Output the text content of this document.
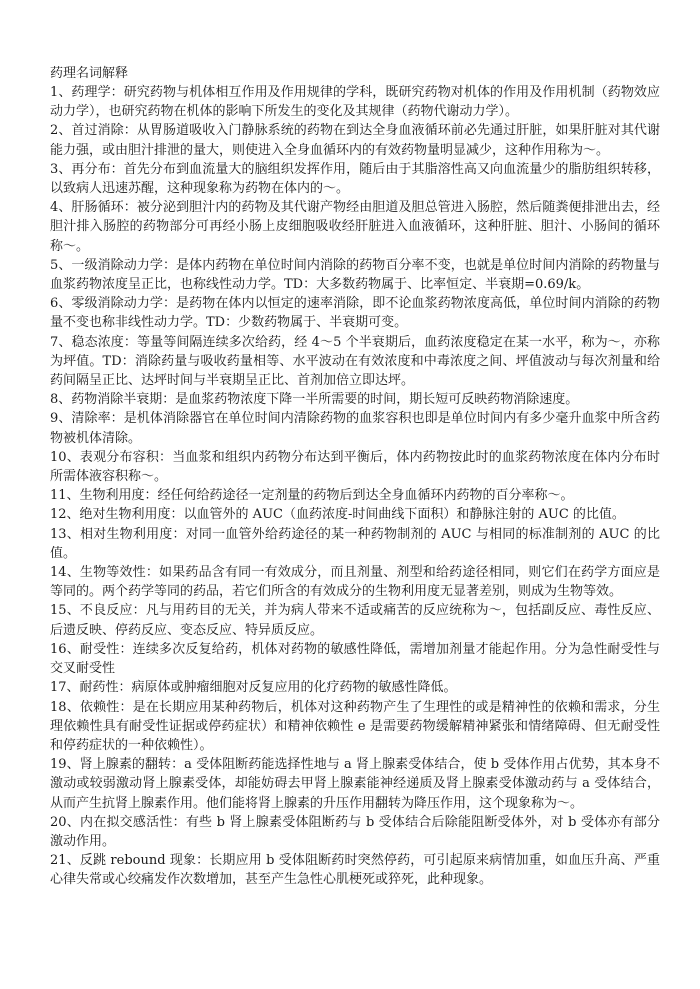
药理名词解释

1、药理学：研究药物与机体相互作用及作用规律的学科，既研究药物对机体的作用及作用机制（药物效应动力学），也研究药物在机体的影响下所发生的变化及其规律（药物代谢动力学）。

2、首过消除：从胃肠道吸收入门静脉系统的药物在到达全身血液循环前必先通过肝脏，如果肝脏对其代谢能力强，或由胆汁排泄的量大，则使进入全身血循环内的有效药物量明显减少，这种作用称为～。

3、再分布：首先分布到血流量大的脑组织发挥作用，随后由于其脂溶性高又向血流量少的脂肪组织转移，以致病人迅速苏醒，这种现象称为药物在体内的～。

4、肝肠循环：被分泌到胆汁内的药物及其代谢产物经由胆道及胆总管进入肠腔，然后随粪便排泄出去，经胆汁排入肠腔的药物部分可再经小肠上皮细胞吸收经肝脏进入血液循环，这种肝脏、胆汁、小肠间的循环称～。

5、一级消除动力学：是体内药物在单位时间内消除的药物百分率不变，也就是单位时间内消除的药物量与血浆药物浓度呈正比，也称线性动力学。TD：大多数药物属于、比率恒定、半衰期=0.69/k。

6、零级消除动力学：是药物在体内以恒定的速率消除，即不论血浆药物浓度高低，单位时间内消除的药物量不变也称非线性动力学。TD：少数药物属于、半衰期可变。

7、稳态浓度：等量等间隔连续多次给药，经 4～5 个半衰期后，血药浓度稳定在某一水平，称为～，亦称为坪值。TD：消除药量与吸收药量相等、水平波动在有效浓度和中毒浓度之间、坪值波动与每次剂量和给药间隔呈正比、达坪时间与半衰期呈正比、首剂加倍立即达坪。

8、药物消除半衰期：是血浆药物浓度下降一半所需要的时间，期长短可反映药物消除速度。

9、清除率：是机体消除器官在单位时间内清除药物的血浆容积也即是单位时间内有多少毫升血浆中所含药物被机体清除。

10、表观分布容积：当血浆和组织内药物分布达到平衡后，体内药物按此时的血浆药物浓度在体内分布时所需体液容积称～。

11、生物利用度：经任何给药途径一定剂量的药物后到达全身血循环内药物的百分率称～。

12、绝对生物利用度：以血管外的 AUC（血药浓度-时间曲线下面积）和静脉注射的 AUC 的比值。

13、相对生物利用度：对同一血管外给药途径的某一种药物制剂的 AUC 与相同的标准制剂的 AUC 的比值。

14、生物等效性：如果药品含有同一有效成分，而且剂量、剂型和给药途径相同，则它们在药学方面应是等同的。两个药学等同的药品，若它们所含的有效成分的生物利用度无显著差别，则成为生物等效。

15、不良反应：凡与用药目的无关，并为病人带来不适或痛苦的反应统称为～，包括副反应、毒性反应、后遗反映、停药反应、变态反应、特异质反应。

16、耐受性：连续多次反复给药，机体对药物的敏感性降低，需增加剂量才能起作用。分为急性耐受性与交叉耐受性

17、耐药性：病原体或肿瘤细胞对反复应用的化疗药物的敏感性降低。

18、依赖性：是在长期应用某种药物后，机体对这种药物产生了生理性的或是精神性的依赖和需求，分生理依赖性具有耐受性证据或停药症状）和精神依赖性 e 是需要药物缓解精神紧张和情绪障碍、但无耐受性和停药症状的一种依赖性）。

19、肾上腺素的翻转：a 受体阻断药能选择性地与 a 肾上腺素受体结合，使 b 受体作用占优势，其本身不激动或较弱激动肾上腺素受体，却能妨碍去甲肾上腺素能神经递质及肾上腺素受体激动药与 a 受体结合，从而产生抗肾上腺素作用。他们能将肾上腺素的升压作用翻转为降压作用，这个现象称为～。

20、内在拟交感活性：有些 b 肾上腺素受体阻断药与 b 受体结合后除能阻断受体外，对 b 受体亦有部分激动作用。

21、反跳 rebound 现象：长期应用 b 受体阻断药时突然停药，可引起原来病情加重，如血压升高、严重心律失常或心绞痛发作次数增加，甚至产生急性心肌梗死或猝死，此种现象。
